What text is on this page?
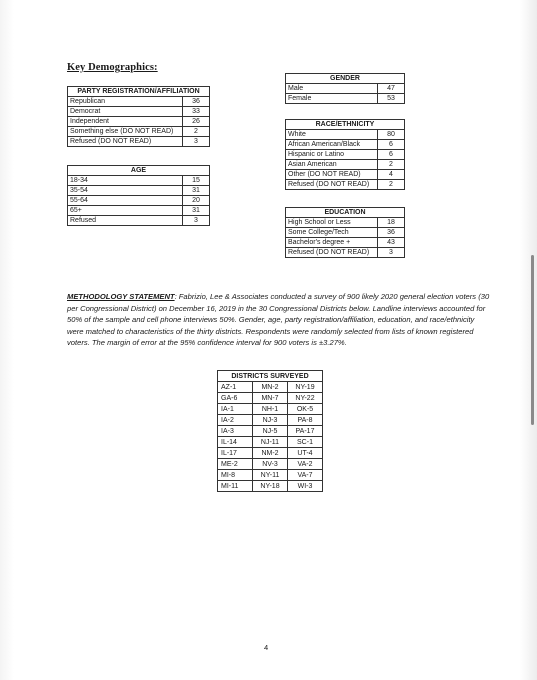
Key Demographics:
PARTY REGISTRATION/AFFILIATION	
Republican	36
Democrat	33
Independent	26
Something else (DO NOT READ)	2
Refused (DO NOT READ)	3
AGE	
18-34	15
35-54	31
55-64	20
65+	31
Refused	3
GENDER	
Male	47
Female	53
RACE/ETHNICITY	
White	80
African American/Black	6
Hispanic or Latino	6
Asian American	2
Other (DO NOT READ)	4
Refused (DO NOT READ)	2
EDUCATION	
High School or Less	18
Some College/Tech	36
Bachelor's degree +	43
Refused (DO NOT READ)	3
METHODOLOGY STATEMENT: Fabrizio, Lee & Associates conducted a survey of 900 likely 2020 general election voters (30 per Congressional District) on December 16, 2019 in the 30 Congressional Districts below. Landline interviews accounted for 50% of the sample and cell phone interviews 50%. Gender, age, party registration/affiliation, education, and race/ethnicity were matched to characteristics of the thirty districts. Respondents were randomly selected from lists of known registered voters. The margin of error at the 95% confidence interval for 900 voters is ±3.27%.
DISTRICTS SURVEYED		
AZ-1	MN-2	NY-19
GA-6	MN-7	NY-22
IA-1	NH-1	OK-5
IA-2	NJ-3	PA-8
IA-3	NJ-5	PA-17
IL-14	NJ-11	SC-1
IL-17	NM-2	UT-4
ME-2	NV-3	VA-2
MI-8	NY-11	VA-7
MI-11	NY-18	WI-3
4
